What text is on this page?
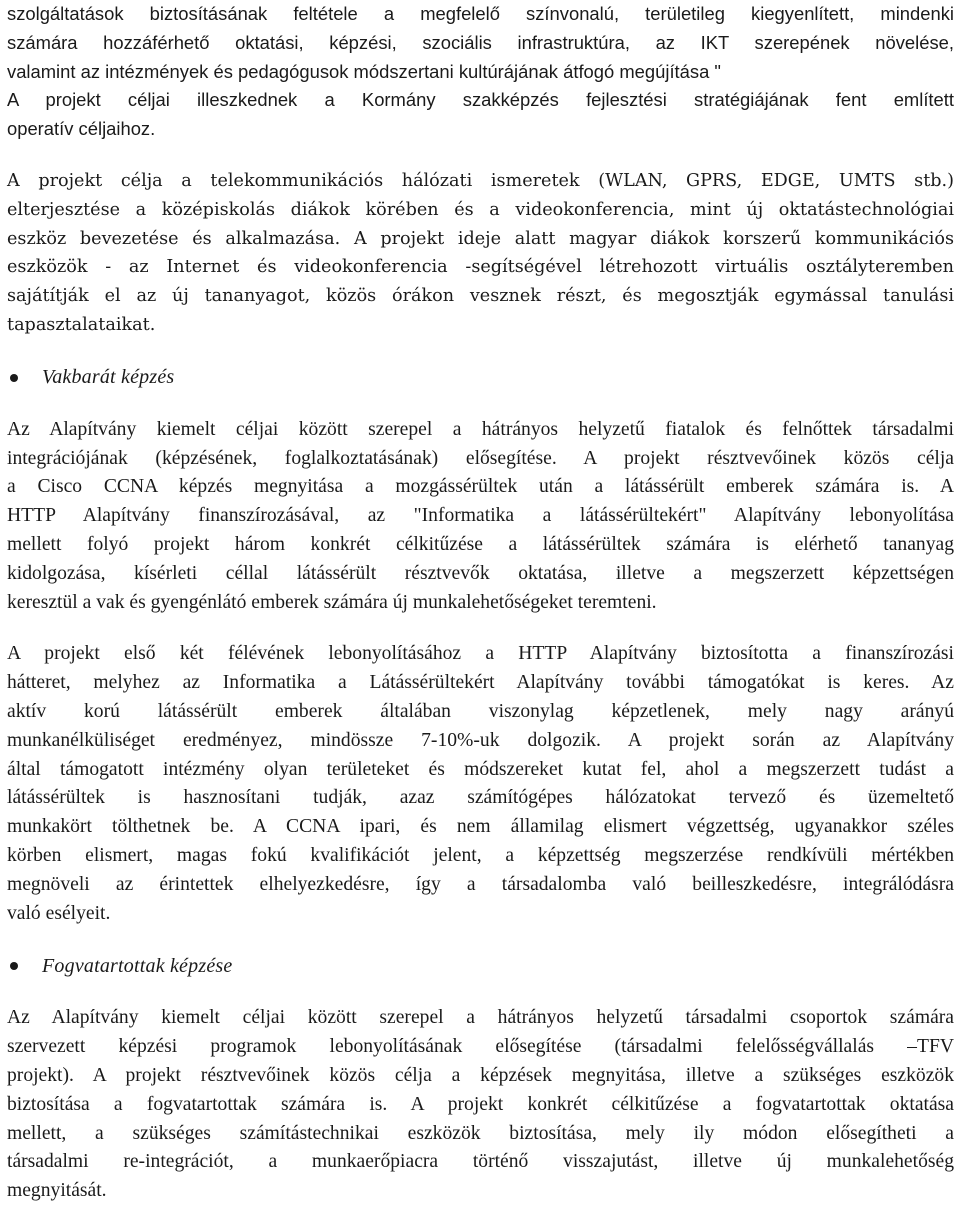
szolgáltatások biztosításának feltétele a megfelelő színvonalú, területileg kiegyenlített, mindenki
számára hozzáférhető oktatási, képzési, szociális infrastruktúra, az IKT szerepének növelése,
valamint az intézmények és pedagógusok módszertani kultúrájának átfogó megújítása "
A projekt céljai illeszkednek a Kormány szakképzés fejlesztési stratégiájának fent említett
operatív céljaihoz.
A projekt célja a telekommunikációs hálózati ismeretek (WLAN, GPRS, EDGE, UMTS stb.)
elterjesztése a középiskolás diákok körében és a videokonferencia, mint új oktatástechnológiai
eszköz bevezetése és alkalmazása. A projekt ideje alatt magyar diákok korszerű kommunikációs
eszközök - az Internet és videokonferencia -segítségével létrehozott virtuális osztályteremben
sajátítják el az új tananyagot, közös órákon vesznek részt, és megosztják egymással tanulási
tapasztalataikat.
Vakbarát képzés
Az Alapítvány kiemelt céljai között szerepel a hátrányos helyzetű fiatalok és felnőttek társadalmi
integrációjának (képzésének, foglalkoztatásának) elősegítése. A projekt résztvevőinek közös célja
a Cisco CCNA képzés megnyitása a mozgássérültek után a látássérült emberek számára is. A
HTTP Alapítvány finanszírozásával, az "Informatika a látássérültekért" Alapítvány lebonyolítása
mellett folyó projekt három konkrét célkitűzése a látássérültek számára is elérhető tananyag
kidolgozása, kísérleti céllal látássérült résztvevők oktatása, illetve a megszerzett képzettségen
keresztül a vak és gyengénlátó emberek számára új munkalehetőségeket teremteni.
A projekt első két félévének lebonyolításához a HTTP Alapítvány biztosította a finanszírozási
hátteret, melyhez az Informatika a Látássérültekért Alapítvány további támogatókat is keres. Az
aktív korú látássérült emberek általában viszonylag képzetlenek, mely nagy arányú
munkanélküliséget eredményez, mindössze 7-10%-uk dolgozik. A projekt során az Alapítvány
által támogatott intézmény olyan területeket és módszereket kutat fel, ahol a megszerzett tudást a
látássérültek is hasznosítani tudják, azaz számítógépes hálózatokat tervező és üzemeltető
munkakört tölthetnek be. A CCNA ipari, és nem államilag elismert végzettség, ugyanakkor széles
körben elismert, magas fokú kvalifikációt jelent, a képzettség megszerzése rendkívüli mértékben
megnöveli az érintettek elhelyezkedésre, így a társadalomba való beilleszkedésre, integrálódásra
való esélyeit.
Fogvatartottak képzése
Az Alapítvány kiemelt céljai között szerepel a hátrányos helyzetű társadalmi csoportok számára
szervezett képzési programok lebonyolításának elősegítése (társadalmi felelősségvállalás –TFV
projekt). A projekt résztvevőinek közös célja a képzések megnyitása, illetve a szükséges eszközök
biztosítása a fogvatartottak számára is. A projekt konkrét célkitűzése a fogvatartottak oktatása
mellett, a szükséges számítástechnikai eszközök biztosítása, mely ily módon elősegítheti a
társadalmi re-integrációt, a munkaerőpiacra történő visszajutást, illetve új munkalehetőség
megnyitását.
